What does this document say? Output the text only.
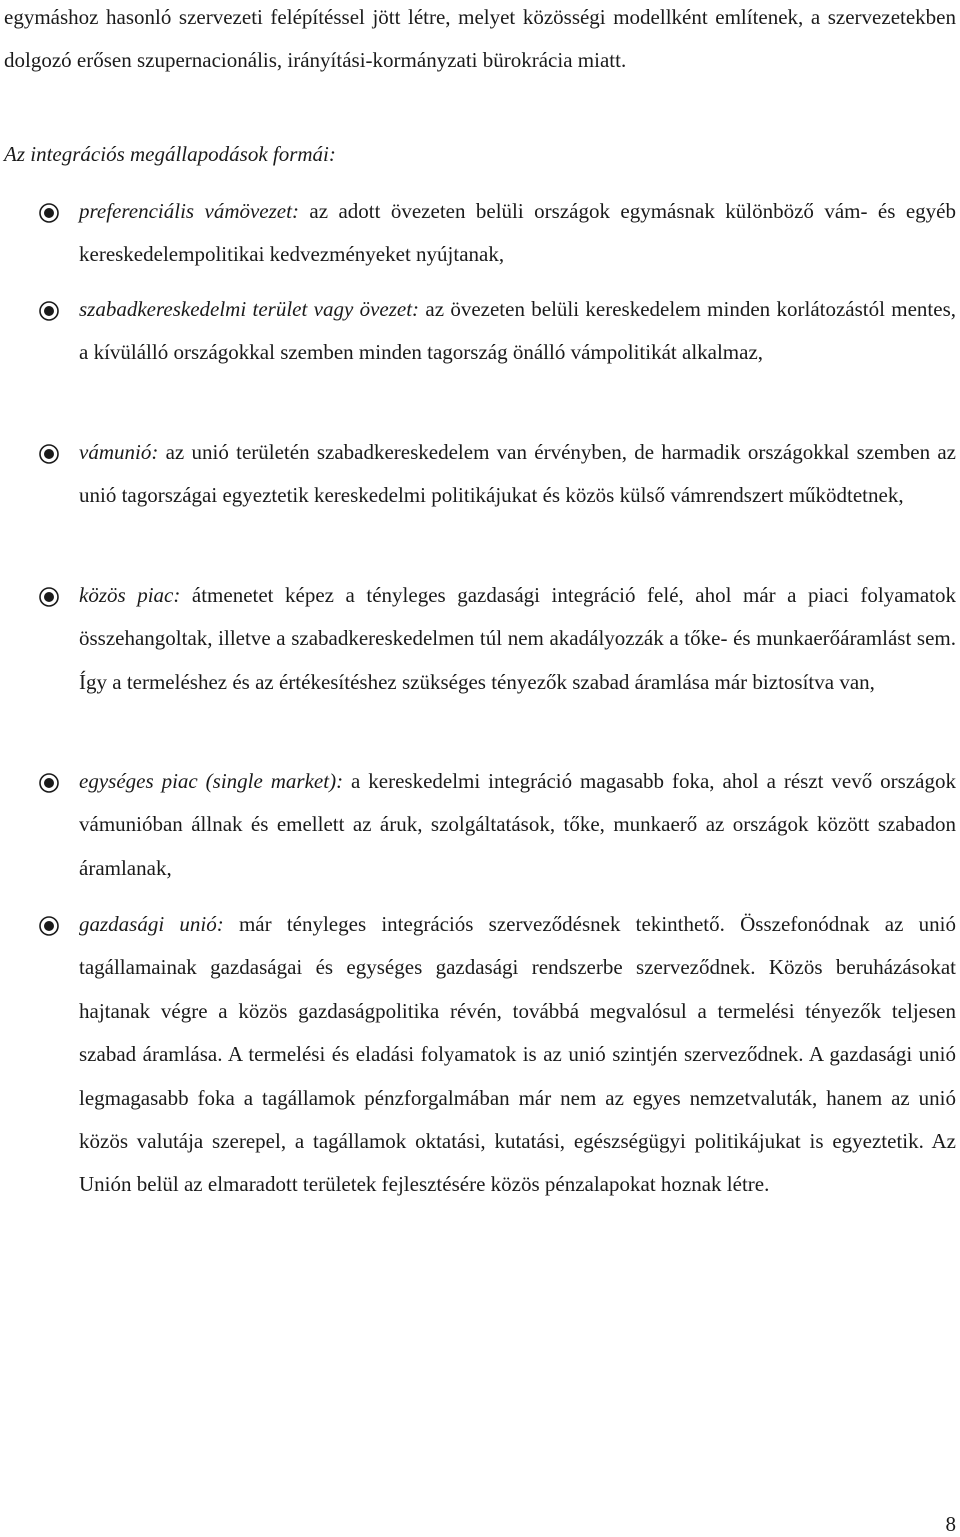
egymáshoz hasonló szervezeti felépítéssel jött létre, melyet közösségi modellként említenek, a szervezetekben dolgozó erősen szupernacionális, irányítási-kormányzati bürokrácia miatt.

Az integrációs megállapodások formái:

preferenciális vámövezet: az adott övezeten belüli országok egymásnak különböző vám- és egyéb kereskedelempolitikai kedvezményeket nyújtanak,

szabadkereskedelmi terület vagy övezet: az övezeten belüli kereskedelem minden korlátozástól mentes, a kívülálló országokkal szemben minden tagország önálló vámpolitikát alkalmaz,

vámunió: az unió területén szabadkereskedelem van érvényben, de harmadik országokkal szemben az unió tagországai egyeztetik kereskedelmi politikájukat és közös külső vámrendszert működtetnek,

közös piac: átmenetet képez a tényleges gazdasági integráció felé, ahol már a piaci folyamatok összehangoltak, illetve a szabadkereskedelmen túl nem akadályozzák a tőke- és munkaerőáramlást sem. Így a termeléshez és az értékesítéshez szükséges tényezők szabad áramlása már biztosítva van,

egységes piac (single market): a kereskedelmi integráció magasabb foka, ahol a részt vevő országok vámunióban állnak és emellett az áruk, szolgáltatások, tőke, munkaerő az országok között szabadon áramlanak,

gazdasági unió: már tényleges integrációs szerveződésnek tekinthető. Összefonódnak az unió tagállamainak gazdaságai és egységes gazdasági rendszerbe szerveződnek. Közös beruházásokat hajtanak végre a közös gazdaságpolitika révén, továbbá megvalósul a termelési tényezők teljesen szabad áramlása. A termelési és eladási folyamatok is az unió szintjén szerveződnek. A gazdasági unió legmagasabb foka a tagállamok pénzforgalmában már nem az egyes nemzetvaluták, hanem az unió közös valutája szerepel, a tagállamok oktatási, kutatási, egészségügyi politikájukat is egyeztetik. Az Unión belül az elmaradott területek fejlesztésére közös pénzalapokat hoznak létre.

8
